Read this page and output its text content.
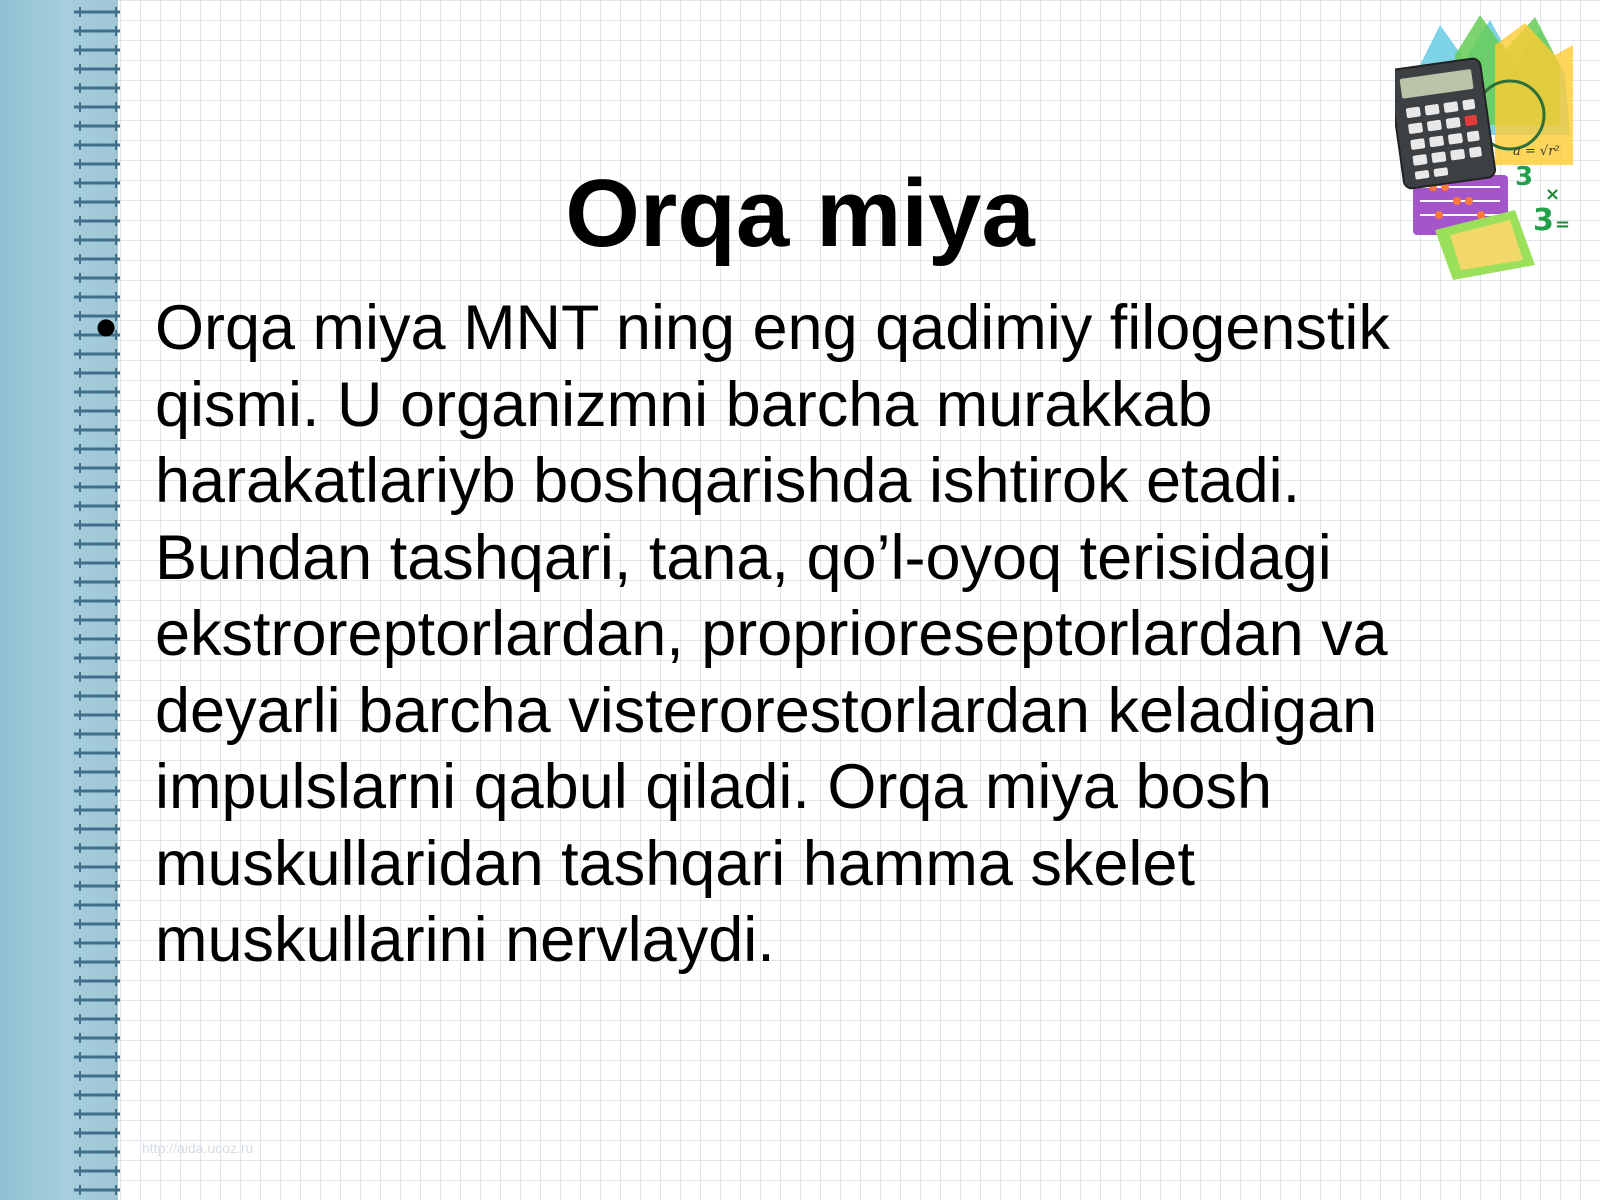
Orqa miya
• Orqa miya MNT ning eng qadimiy filogenstik qismi. U organizmni barcha murakkab harakatlariyb boshqarishda ishtirok etadi. Bundan tashqari, tana, qo’l-oyoq terisidagi ekstroreptorlardan, proprioreseptorlardan va deyarli barcha visterorestorlardan keladigan impulslarni qabul qiladi. Orqa miya bosh muskullaridan tashqari hamma skelet muskullarini nervlaydi.
a = √r²
3
3
×
=
http://aida.ucoz.ru
